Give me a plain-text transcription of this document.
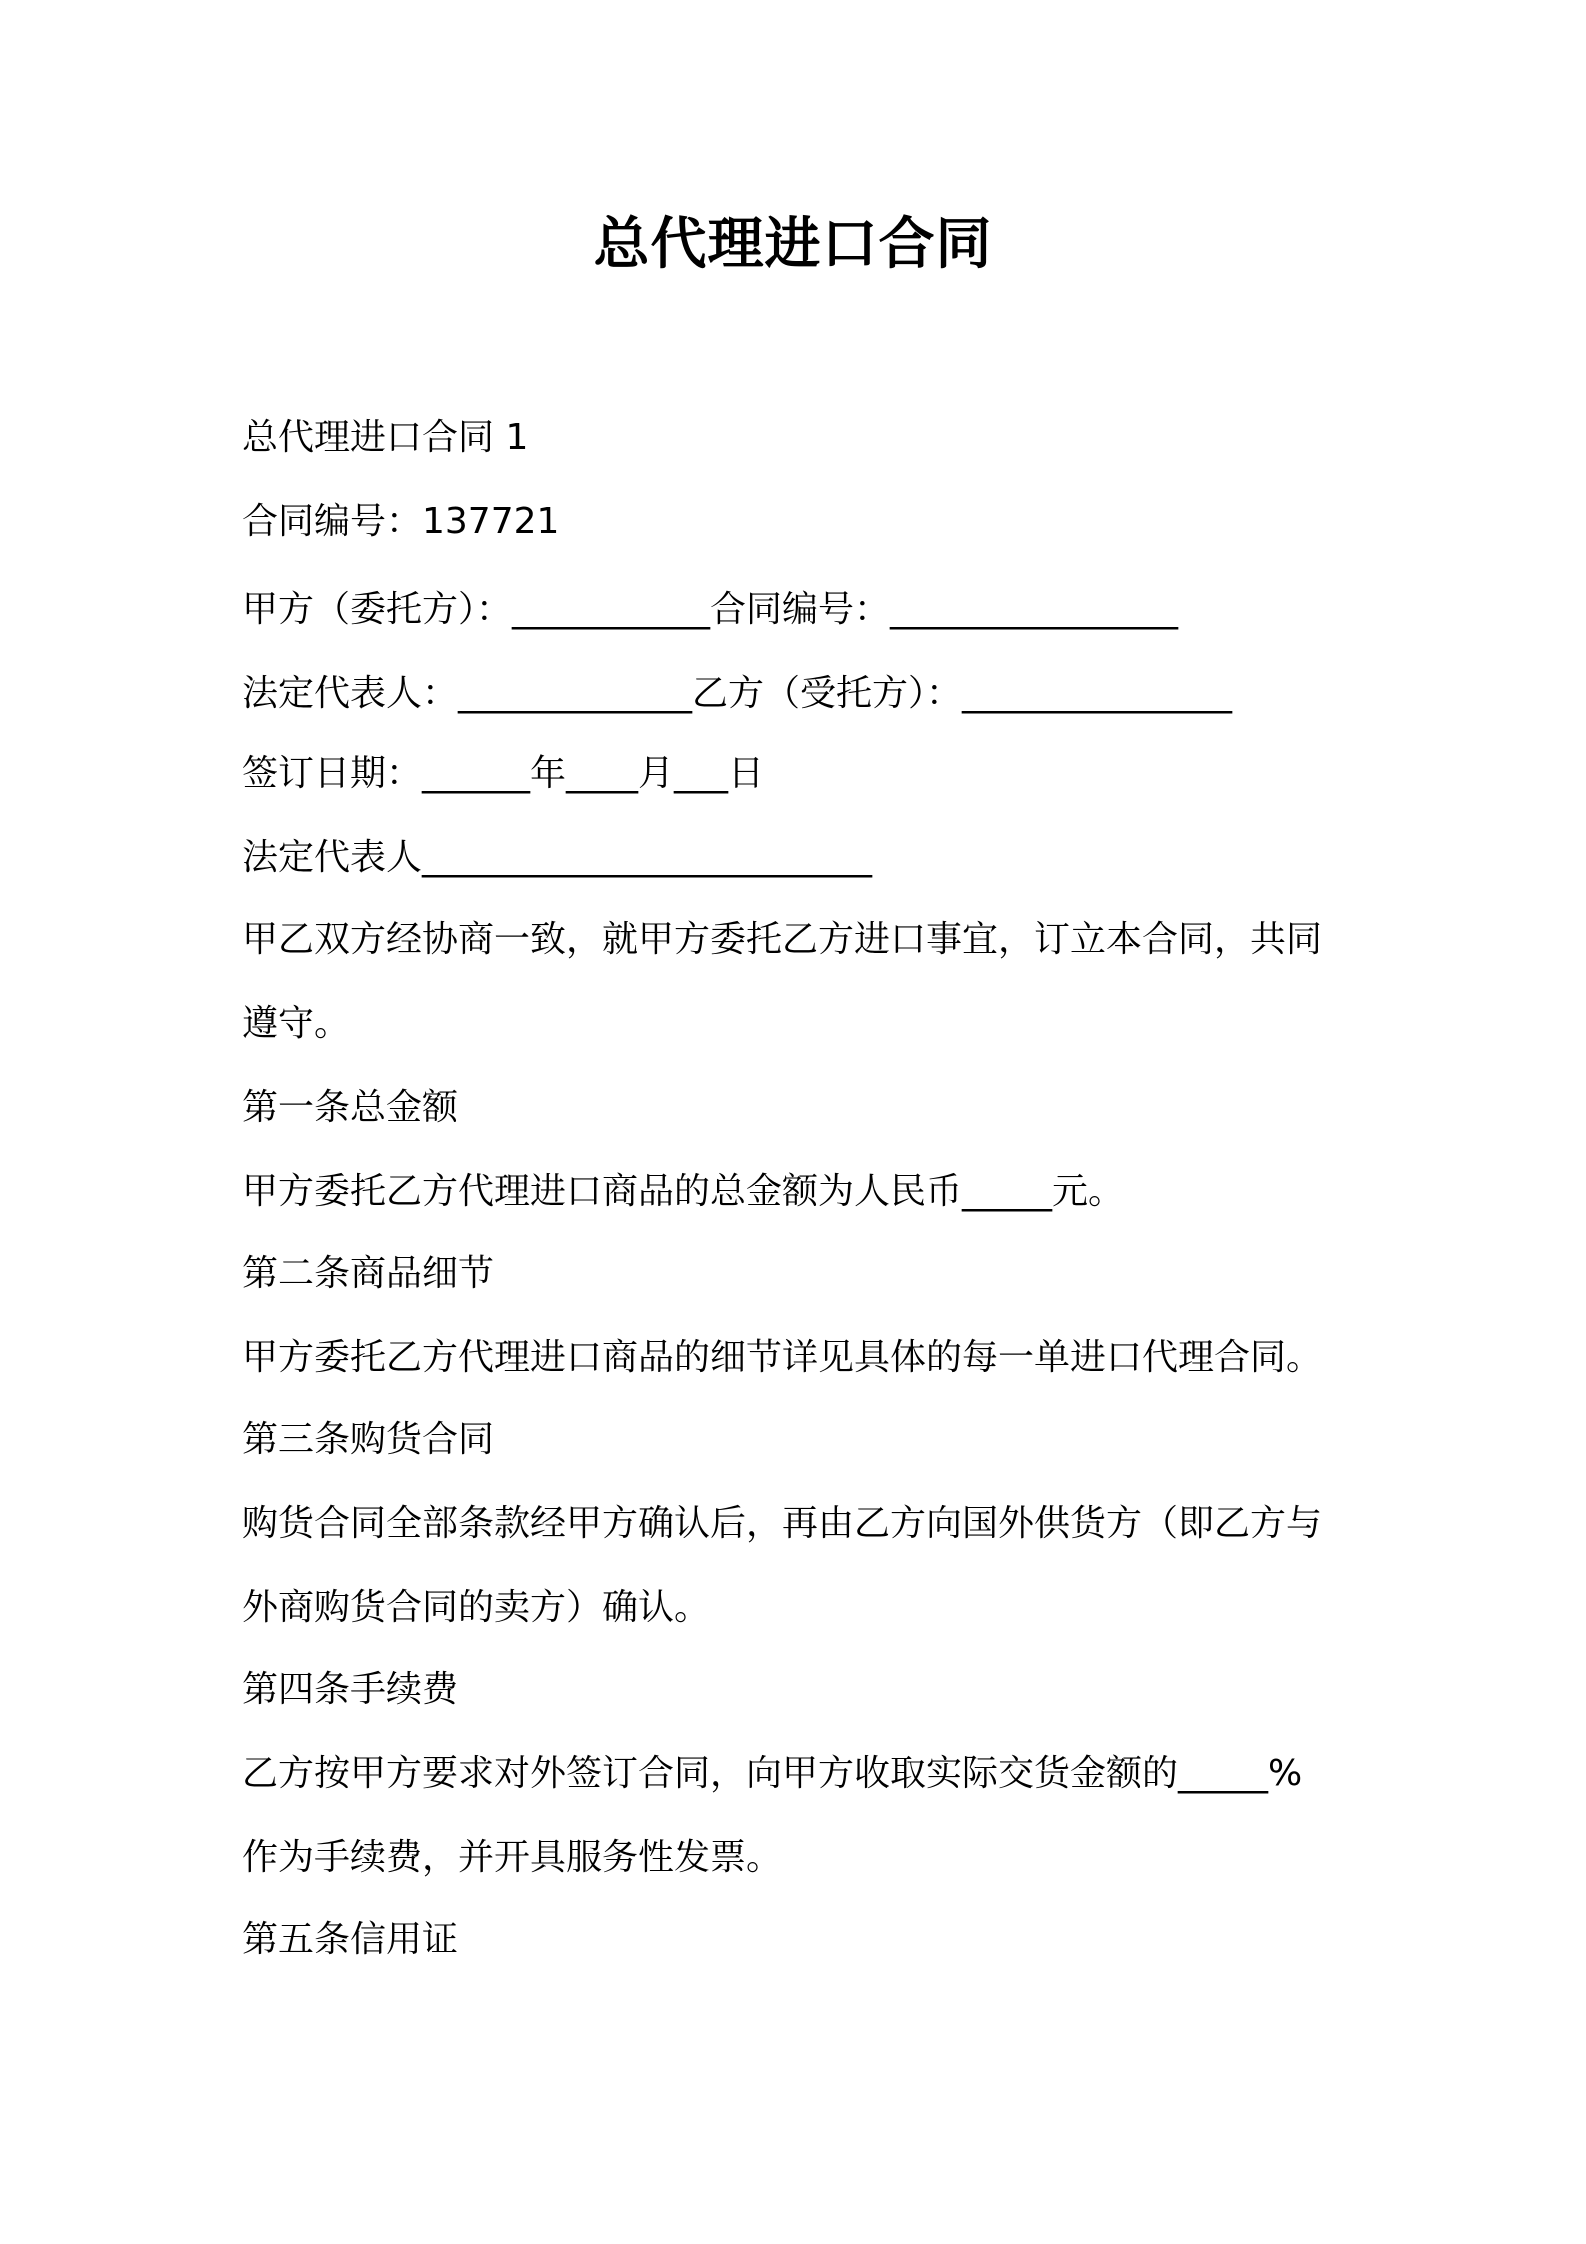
总代理进口合同
总代理进口合同 1
合同编号：137721
甲方（委托方）：___________合同编号：________________
法定代表人：_____________乙方（受托方）：_______________
签订日期：______年____月___日
法定代表人_________________________
甲乙双方经协商一致，就甲方委托乙方进口事宜，订立本合同，共同
遵守。
第一条总金额
甲方委托乙方代理进口商品的总金额为人民币_____元。
第二条商品细节
甲方委托乙方代理进口商品的细节详见具体的每一单进口代理合同。
第三条购货合同
购货合同全部条款经甲方确认后，再由乙方向国外供货方（即乙方与
外商购货合同的卖方）确认。
第四条手续费
乙方按甲方要求对外签订合同，向甲方收取实际交货金额的_____%
作为手续费，并开具服务性发票。
第五条信用证
